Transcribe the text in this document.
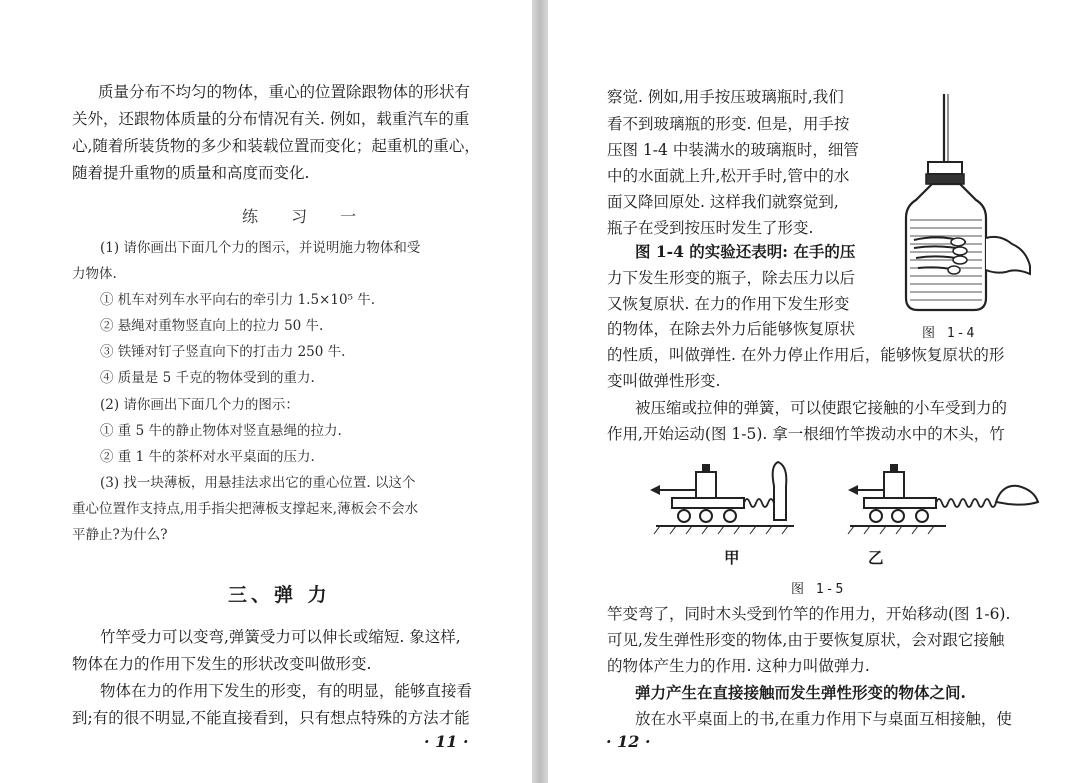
质量分布不均匀的物体，重心的位置除跟物体的形状有
关外，还跟物体质量的分布情况有关. 例如，载重汽车的重
心,随着所装货物的多少和装载位置而变化；起重机的重心，
随着提升重物的质量和高度而变化.
练 习 一
(1) 请你画出下面几个力的图示，并说明施力物体和受
力物体.
① 机车对列车水平向右的牵引力 1.5×10⁵ 牛.
② 悬绳对重物竖直向上的拉力 50 牛.
③ 铁锤对钉子竖直向下的打击力 250 牛.
④ 质量是 5 千克的物体受到的重力.
(2) 请你画出下面几个力的图示：
① 重 5 牛的静止物体对竖直悬绳的拉力.
② 重 1 牛的茶杯对水平桌面的压力.
(3) 找一块薄板，用悬挂法求出它的重心位置. 以这个
重心位置作支持点,用手指尖把薄板支撑起来,薄板会不会水
平静止?为什么?
三、弹 力
竹竿受力可以变弯,弹簧受力可以伸长或缩短. 象这样,
物体在力的作用下发生的形状改变叫做形变.
物体在力的作用下发生的形变，有的明显，能够直接看
到;有的很不明显,不能直接看到，只有想点特殊的方法才能
· 11 ·
察觉. 例如,用手按压玻璃瓶时,我们
看不到玻璃瓶的形变. 但是，用手按
压图 1-4 中装满水的玻璃瓶时，细管
中的水面就上升,松开手时,管中的水
面又降回原处. 这样我们就察觉到,
瓶子在受到按压时发生了形变.
图 1-4 的实验还表明: 在手的压
力下发生形变的瓶子，除去压力以后
又恢复原状. 在力的作用下发生形变
的物体，在除去外力后能够恢复原状
的性质，叫做弹性. 在外力停止作用后，能够恢复原状的形
变叫做弹性形变.
被压缩或拉伸的弹簧，可以使跟它接触的小车受到力的
作用,开始运动(图 1-5). 拿一根细竹竿拨动水中的木头，竹
图 1-4
甲	乙
图 1-5
竿变弯了，同时木头受到竹竿的作用力，开始移动(图 1-6).
可见,发生弹性形变的物体,由于要恢复原状，会对跟它接触
的物体产生力的作用. 这种力叫做弹力.
弹力产生在直接接触而发生弹性形变的物体之间.
放在水平桌面上的书,在重力作用下与桌面互相接触，使
· 12 ·
